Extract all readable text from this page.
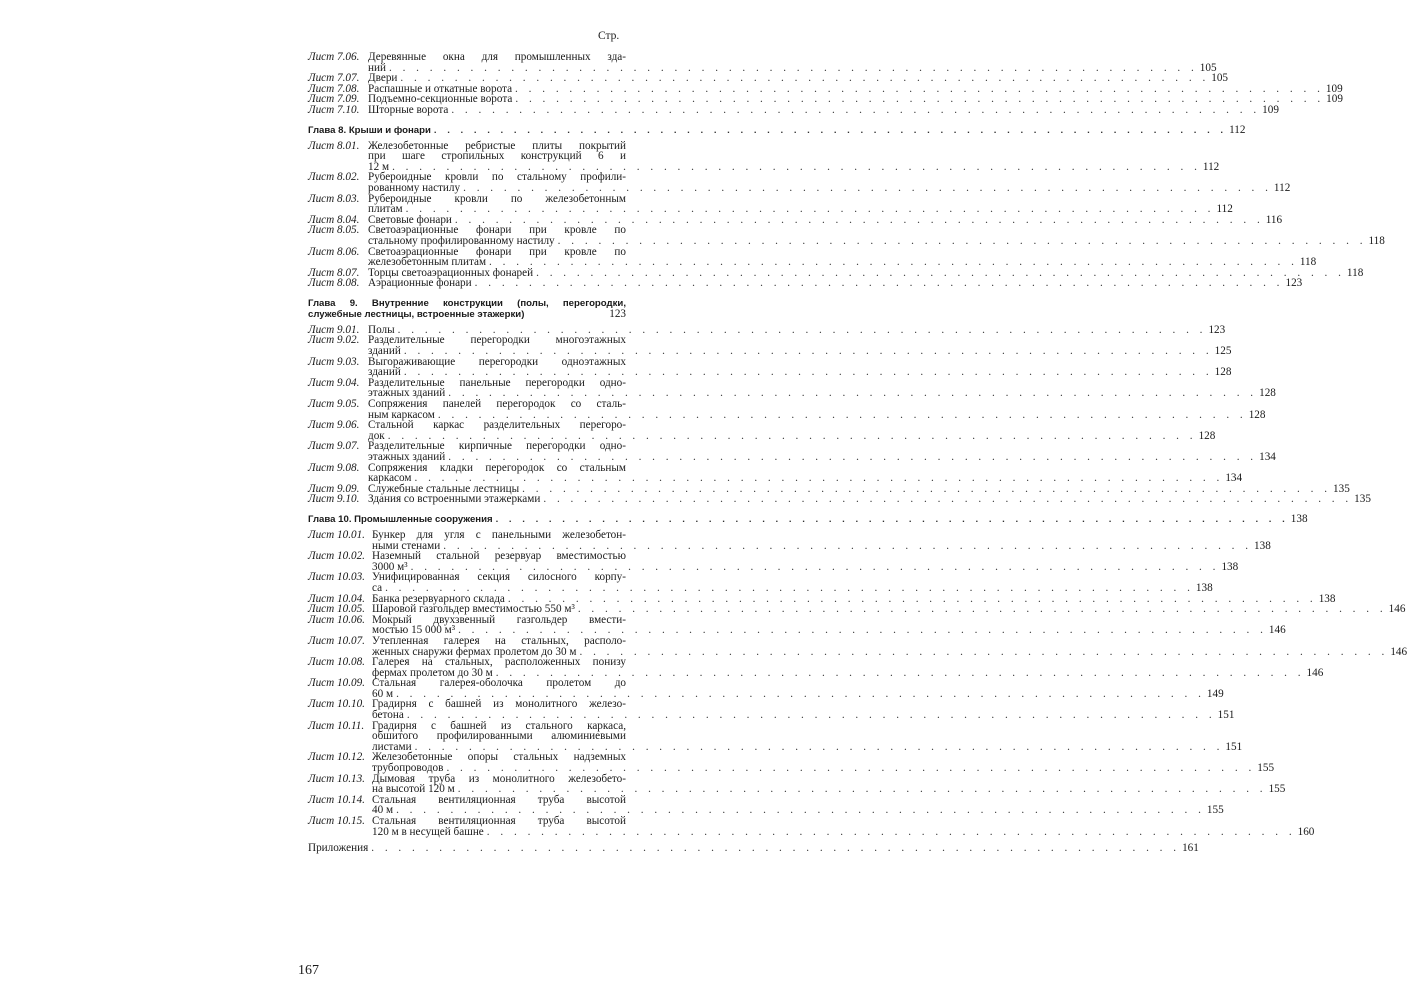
Стр.
Лист 7.06. Деревянные окна для промышленных зда-
ний . . . . . . . . . . . . . . . . . . . . . . . . . . . . . . . . . . . . . . . . . . . . . . . . . . . . . . . . . . . . 105
Лист 7.07. Двери . . . . . . . . . . . . . . . . . . . . . . . . . . . . . . . . . . . . . . . . . . . . . . . . . . . . . . . . . . . . 105
Лист 7.08. Распашные и откатные ворота . . . . . . . . . . . . . . . . . . . . . . . . . . . . . . . . . . . . . . . . . . . . . . . . . . . . . . . . . . . . 109
Лист 7.09. Подъемно-секционные ворота . . . . . . . . . . . . . . . . . . . . . . . . . . . . . . . . . . . . . . . . . . . . . . . . . . . . . . . . . . . . 109
Лист 7.10. Шторные ворота . . . . . . . . . . . . . . . . . . . . . . . . . . . . . . . . . . . . . . . . . . . . . . . . . . . . . . . . . . . . 109
Глава 8. Крыши и фонари . . . . . . . . . . . . . . . . . . . . . . . . . . . . . . . . . . . . . . . . . . . . . . . . . . . . . . . . . . . . 112
Лист 8.01. Железобетонные ребристые плиты покрытий
при шаге стропильных конструкций 6 и
12 м . . . . . . . . . . . . . . . . . . . . . . . . . . . . . . . . . . . . . . . . . . . . . . . . . . . . . . . . . . . . 112
Лист 8.02. Рубероидные кровли по стальному профили-
рованному настилу . . . . . . . . . . . . . . . . . . . . . . . . . . . . . . . . . . . . . . . . . . . . . . . . . . . . . . . . . . . . 112
Лист 8.03. Рубероидные кровли по железобетонным
плитам . . . . . . . . . . . . . . . . . . . . . . . . . . . . . . . . . . . . . . . . . . . . . . . . . . . . . . . . . . . . 112
Лист 8.04. Световые фонари . . . . . . . . . . . . . . . . . . . . . . . . . . . . . . . . . . . . . . . . . . . . . . . . . . . . . . . . . . . . 116
Лист 8.05. Светоаэрационные фонари при кровле по
стальному профилированному настилу . . . . . . . . . . . . . . . . . . . . . . . . . . . . . . . . . . . . . . . . . . . . . . . . . . . . . . . . . . . . 118
Лист 8.06. Светоаэрационные фонари при кровле по
железобетонным плитам . . . . . . . . . . . . . . . . . . . . . . . . . . . . . . . . . . . . . . . . . . . . . . . . . . . . . . . . . . . . 118
Лист 8.07. Торцы светоаэрационных фонарей . . . . . . . . . . . . . . . . . . . . . . . . . . . . . . . . . . . . . . . . . . . . . . . . . . . . . . . . . . . . 118
Лист 8.08. Аэрационные фонари . . . . . . . . . . . . . . . . . . . . . . . . . . . . . . . . . . . . . . . . . . . . . . . . . . . . . . . . . . . . 123
Глава 9. Внутренние конструкции (полы, перегородки,
служебные лестницы, встроенные этажерки)	123
Лист 9.01. Полы . . . . . . . . . . . . . . . . . . . . . . . . . . . . . . . . . . . . . . . . . . . . . . . . . . . . . . . . . . . . 123
Лист 9.02. Разделительные перегородки многоэтажных
зданий . . . . . . . . . . . . . . . . . . . . . . . . . . . . . . . . . . . . . . . . . . . . . . . . . . . . . . . . . . . . 125
Лист 9.03. Выгораживающие перегородки одноэтажных
зданий . . . . . . . . . . . . . . . . . . . . . . . . . . . . . . . . . . . . . . . . . . . . . . . . . . . . . . . . . . . . 128
Лист 9.04. Разделительные панельные перегородки одно-
этажных зданий . . . . . . . . . . . . . . . . . . . . . . . . . . . . . . . . . . . . . . . . . . . . . . . . . . . . . . . . . . . . 128
Лист 9.05. Сопряжения панелей перегородок со сталь-
ным каркасом . . . . . . . . . . . . . . . . . . . . . . . . . . . . . . . . . . . . . . . . . . . . . . . . . . . . . . . . . . . . 128
Лист 9.06. Стальной каркас разделительных перегоро-
док . . . . . . . . . . . . . . . . . . . . . . . . . . . . . . . . . . . . . . . . . . . . . . . . . . . . . . . . . . . . 128
Лист 9.07. Разделительные кирпичные перегородки одно-
этажных зданий . . . . . . . . . . . . . . . . . . . . . . . . . . . . . . . . . . . . . . . . . . . . . . . . . . . . . . . . . . . . 134
Лист 9.08. Сопряжения кладки перегородок со стальным
каркасом . . . . . . . . . . . . . . . . . . . . . . . . . . . . . . . . . . . . . . . . . . . . . . . . . . . . . . . . . . . . 134
Лист 9.09. Служебные стальные лестницы . . . . . . . . . . . . . . . . . . . . . . . . . . . . . . . . . . . . . . . . . . . . . . . . . . . . . . . . . . . . 135
Лист 9.10. Здания со встроенными этажерками . . . . . . . . . . . . . . . . . . . . . . . . . . . . . . . . . . . . . . . . . . . . . . . . . . . . . . . . . . . . 135
Глава 10. Промышленные сооружения . . . . . . . . . . . . . . . . . . . . . . . . . . . . . . . . . . . . . . . . . . . . . . . . . . . . . . . . . . . . 138
Лист 10.01. Бункер для угля с панельными железобетон-
ными стенами . . . . . . . . . . . . . . . . . . . . . . . . . . . . . . . . . . . . . . . . . . . . . . . . . . . . . . . . . . . . 138
Лист 10.02. Наземный стальной резервуар вместимостью
3000 м³ . . . . . . . . . . . . . . . . . . . . . . . . . . . . . . . . . . . . . . . . . . . . . . . . . . . . . . . . . . . . 138
Лист 10.03. Унифицированная секция силосного корпу-
са . . . . . . . . . . . . . . . . . . . . . . . . . . . . . . . . . . . . . . . . . . . . . . . . . . . . . . . . . . . . 138
Лист 10.04. Банка резервуарного склада . . . . . . . . . . . . . . . . . . . . . . . . . . . . . . . . . . . . . . . . . . . . . . . . . . . . . . . . . . . . 138
Лист 10.05. Шаровой газгольдер вместимостью 550 м³ . . . . . . . . . . . . . . . . . . . . . . . . . . . . . . . . . . . . . . . . . . . . . . . . . . . . . . . . . . . . 146
Лист 10.06. Мокрый двухзвенный газгольдер вмести-
мостью 15 000 м³ . . . . . . . . . . . . . . . . . . . . . . . . . . . . . . . . . . . . . . . . . . . . . . . . . . . . . . . . . . . . 146
Лист 10.07. Утепленная галерея на стальных, располо-
женных снаружи фермах пролетом до 30 м . . . . . . . . . . . . . . . . . . . . . . . . . . . . . . . . . . . . . . . . . . . . . . . . . . . . . . . . . . . . 146
Лист 10.08. Галерея на стальных, расположенных понизу
фермах пролетом до 30 м . . . . . . . . . . . . . . . . . . . . . . . . . . . . . . . . . . . . . . . . . . . . . . . . . . . . . . . . . . . . 146
Лист 10.09. Стальная галерея-оболочка пролетом до
60 м . . . . . . . . . . . . . . . . . . . . . . . . . . . . . . . . . . . . . . . . . . . . . . . . . . . . . . . . . . . . 149
Лист 10.10. Градирня с башней из монолитного железо-
бетона . . . . . . . . . . . . . . . . . . . . . . . . . . . . . . . . . . . . . . . . . . . . . . . . . . . . . . . . . . . . 151
Лист 10.11. Градирня с башней из стального каркаса,
обшитого профилированными алюминиевыми
листами . . . . . . . . . . . . . . . . . . . . . . . . . . . . . . . . . . . . . . . . . . . . . . . . . . . . . . . . . . . . 151
Лист 10.12. Железобетонные опоры стальных надземных
трубопроводов . . . . . . . . . . . . . . . . . . . . . . . . . . . . . . . . . . . . . . . . . . . . . . . . . . . . . . . . . . . . 155
Лист 10.13. Дымовая труба из монолитного железобето-
на высотой 120 м . . . . . . . . . . . . . . . . . . . . . . . . . . . . . . . . . . . . . . . . . . . . . . . . . . . . . . . . . . . . 155
Лист 10.14. Стальная вентиляционная труба высотой
40 м . . . . . . . . . . . . . . . . . . . . . . . . . . . . . . . . . . . . . . . . . . . . . . . . . . . . . . . . . . . . 155
Лист 10.15. Стальная вентиляционная труба высотой
120 м в несущей башне . . . . . . . . . . . . . . . . . . . . . . . . . . . . . . . . . . . . . . . . . . . . . . . . . . . . . . . . . . . . 160
Приложения . . . . . . . . . . . . . . . . . . . . . . . . . . . . . . . . . . . . . . . . . . . . . . . . . . . . . . . . . . . . 161
167
